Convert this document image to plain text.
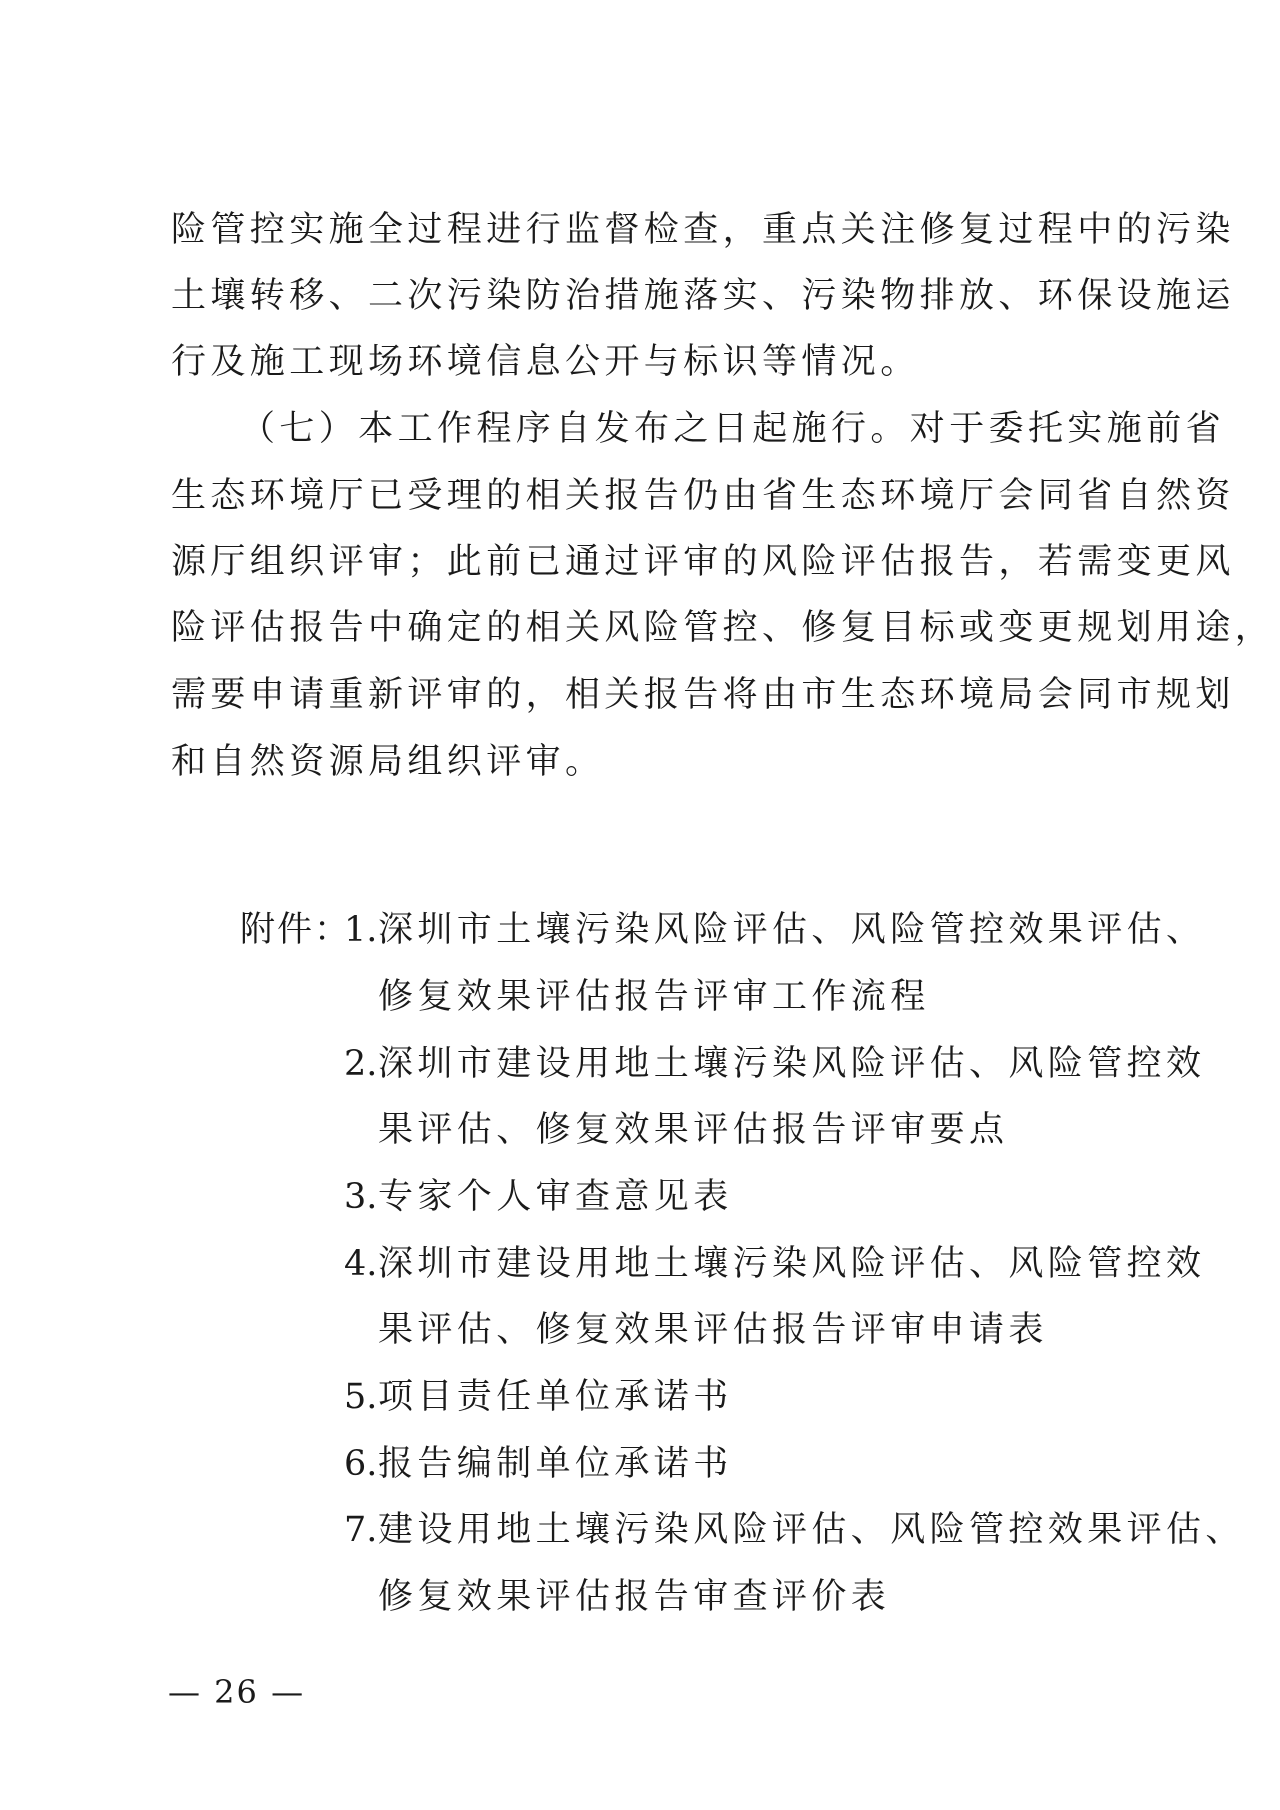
险管控实施全过程进行监督检查，重点关注修复过程中的污染
土壤转移、二次污染防治措施落实、污染物排放、环保设施运
行及施工现场环境信息公开与标识等情况。
（七）本工作程序自发布之日起施行。对于委托实施前省
生态环境厅已受理的相关报告仍由省生态环境厅会同省自然资
源厅组织评审；此前已通过评审的风险评估报告，若需变更风
险评估报告中确定的相关风险管控、修复目标或变更规划用途，
需要申请重新评审的，相关报告将由市生态环境局会同市规划
和自然资源局组织评审。
附件：
1. 深圳市土壤污染风险评估、风险管控效果评估、
修复效果评估报告评审工作流程
2. 深圳市建设用地土壤污染风险评估、风险管控效
果评估、修复效果评估报告评审要点
3. 专家个人审查意见表
4. 深圳市建设用地土壤污染风险评估、风险管控效
果评估、修复效果评估报告评审申请表
5. 项目责任单位承诺书
6. 报告编制单位承诺书
7. 建设用地土壤污染风险评估、风险管控效果评估、
修复效果评估报告审查评价表
— 26 —
